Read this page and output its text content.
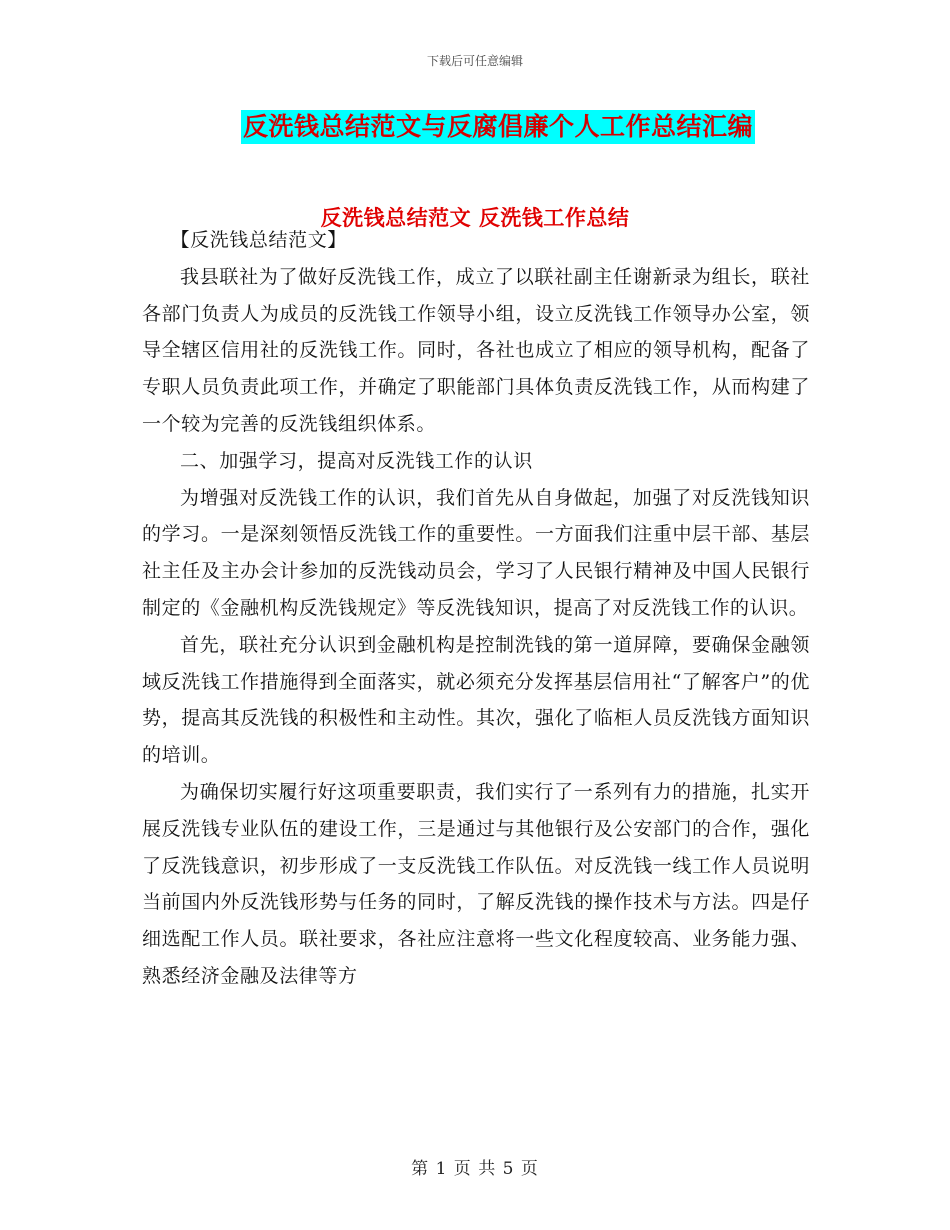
下载后可任意编辑
反洗钱总结范文与反腐倡廉个人工作总结汇编
反洗钱总结范文 反洗钱工作总结

【反洗钱总结范文】

我县联社为了做好反洗钱工作，成立了以联社副主任谢新录为组长，联社各部门负责人为成员的反洗钱工作领导小组，设立反洗钱工作领导办公室，领导全辖区信用社的反洗钱工作。同时，各社也成立了相应的领导机构，配备了专职人员负责此项工作，并确定了职能部门具体负责反洗钱工作，从而构建了一个较为完善的反洗钱组织体系。

二、加强学习，提高对反洗钱工作的认识

为增强对反洗钱工作的认识，我们首先从自身做起，加强了对反洗钱知识的学习。一是深刻领悟反洗钱工作的重要性。一方面我们注重中层干部、基层社主任及主办会计参加的反洗钱动员会，学习了人民银行精神及中国人民银行制定的《金融机构反洗钱规定》等反洗钱知识，提高了对反洗钱工作的认识。

首先，联社充分认识到金融机构是控制洗钱的第一道屏障，要确保金融领域反洗钱工作措施得到全面落实，就必须充分发挥基层信用社“了解客户”的优势，提高其反洗钱的积极性和主动性。其次，强化了临柜人员反洗钱方面知识的培训。

为确保切实履行好这项重要职责，我们实行了一系列有力的措施，扎实开展反洗钱专业队伍的建设工作，三是通过与其他银行及公安部门的合作，强化了反洗钱意识，初步形成了一支反洗钱工作队伍。对反洗钱一线工作人员说明当前国内外反洗钱形势与任务的同时，了解反洗钱的操作技术与方法。四是仔细选配工作人员。联社要求，各社应注意将一些文化程度较高、业务能力强、熟悉经济金融及法律等方

第 1 页 共 5 页
